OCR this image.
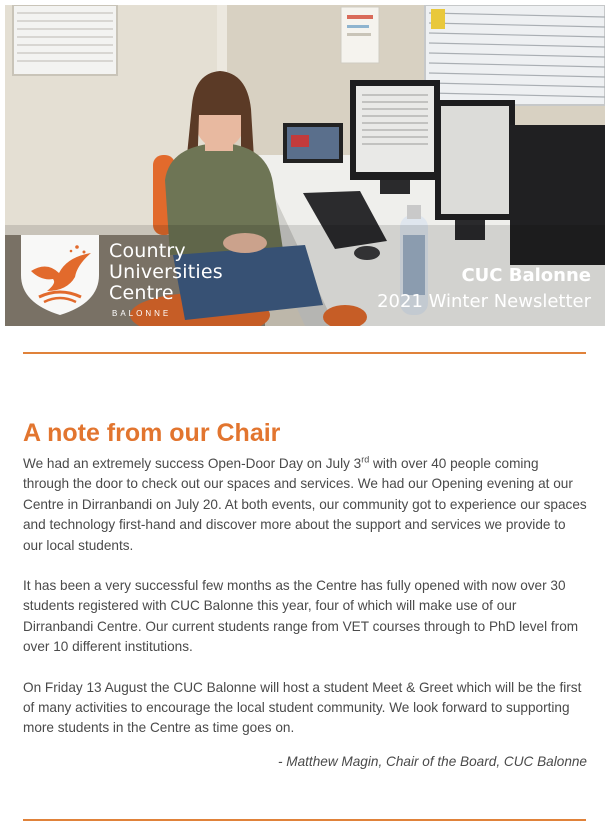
Country
Universities
Centre
BALONNE
CUC Balonne
2021 Winter Newsletter
A note from our Chair

We had an extremely success Open-Door Day on July 3rd with over 40 people coming through the door to check out our spaces and services. We had our Opening evening at our Centre in Dirranbandi on July 20. At both events, our community got to experience our spaces and technology first-hand and discover more about the support and services we provide to our local students.

It has been a very successful few months as the Centre has fully opened with now over 30 students registered with CUC Balonne this year, four of which will make use of our Dirranbandi Centre. Our current students range from VET courses through to PhD level from over 10 different institutions.

On Friday 13 August the CUC Balonne will host a student Meet & Greet which will be the first of many activities to encourage the local student community. We look forward to supporting more students in the Centre as time goes on.

- Matthew Magin, Chair of the Board, CUC Balonne
